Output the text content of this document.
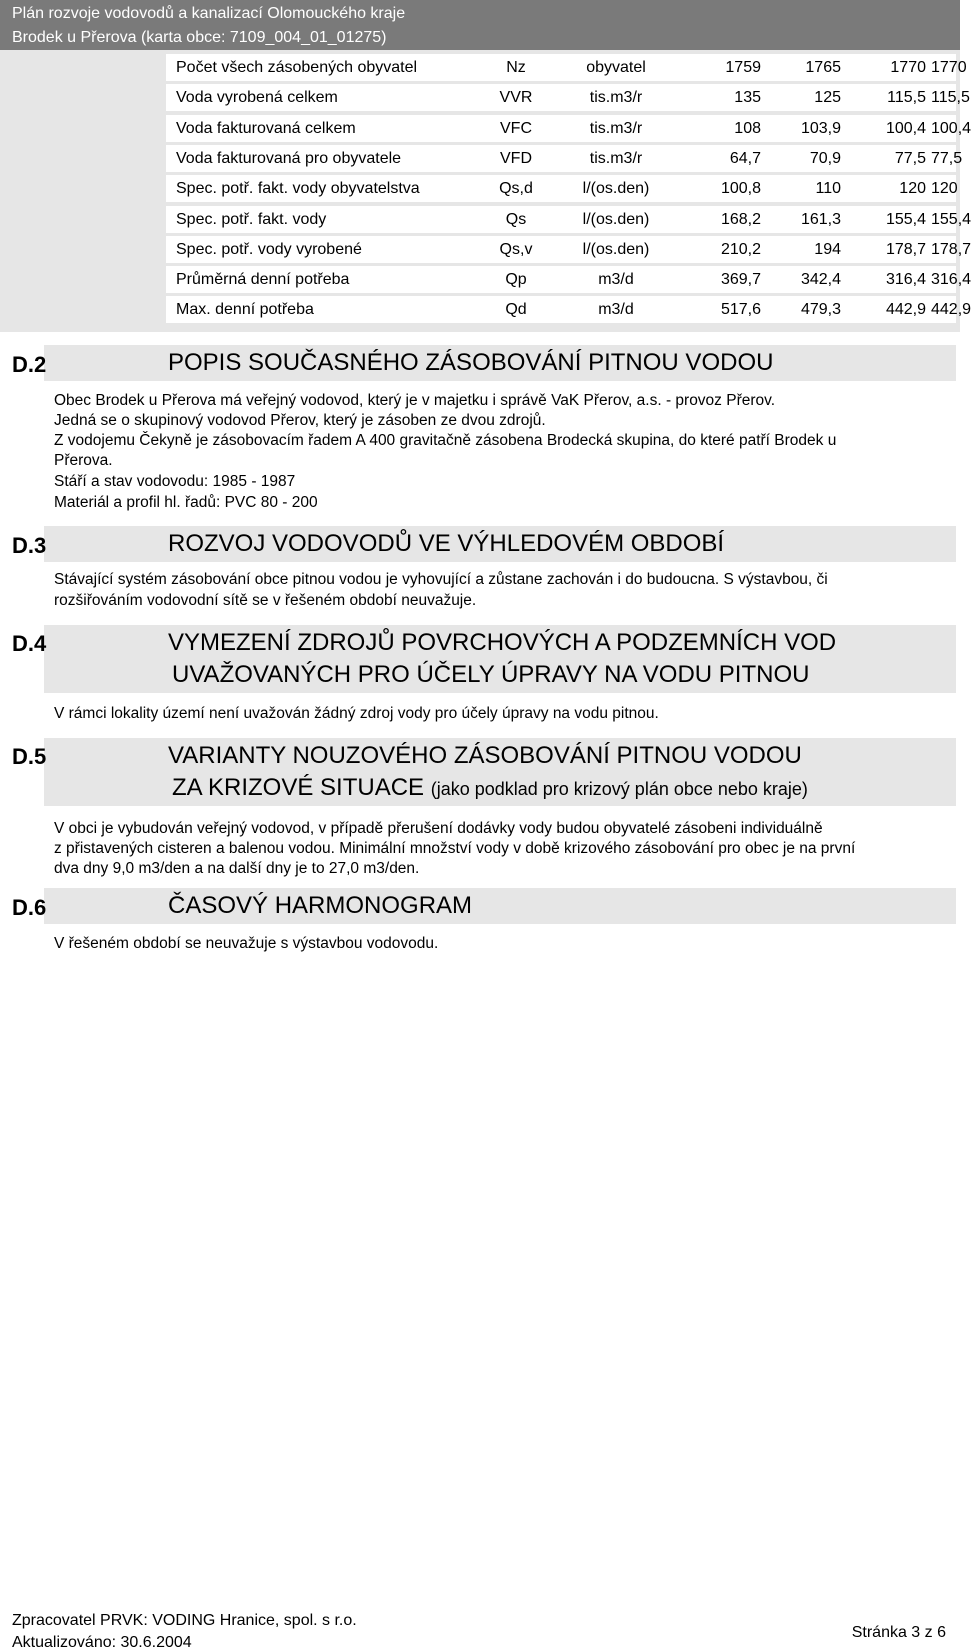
Plán rozvoje vodovodů a kanalizací Olomouckého kraje
Brodek u Přerova (karta obce: 7109_004_01_01275)
Počet všech zásobených obyvatel	Nz	obyvatel	1759	1765	1770 1770
Voda vyrobená celkem	VVR	tis.m3/r	135	125	115,5 115,5
Voda fakturovaná celkem	VFC	tis.m3/r	108	103,9	100,4 100,4
Voda fakturovaná pro obyvatele	VFD	tis.m3/r	64,7	70,9	77,5 77,5
Spec. potř. fakt. vody obyvatelstva	Qs,d	l/(os.den)	100,8	110	120 120
Spec. potř. fakt. vody	Qs	l/(os.den)	168,2	161,3	155,4 155,4
Spec. potř. vody vyrobené	Qs,v	l/(os.den)	210,2	194	178,7 178,7
Průměrná denní potřeba	Qp	m3/d	369,7	342,4	316,4 316,4
Max. denní potřeba	Qd	m3/d	517,6	479,3	442,9 442,9
D.2	POPIS SOUČASNÉHO ZÁSOBOVÁNÍ PITNOU VODOU
Obec Brodek u Přerova má veřejný vodovod, který je v majetku i správě VaK Přerov, a.s. - provoz Přerov.
Jedná se o skupinový vodovod Přerov, který je zásoben ze dvou zdrojů.
Z vodojemu Čekyně je zásobovacím řadem A 400 gravitačně zásobena Brodecká skupina, do které patří Brodek u
Přerova.
Stáří a stav vodovodu: 1985 - 1987
Materiál a profil hl. řadů: PVC 80 - 200
D.3	ROZVOJ VODOVODŮ VE VÝHLEDOVÉM OBDOBÍ
Stávající systém zásobování obce pitnou vodou je vyhovující a zůstane zachován i do budoucna. S výstavbou, či
rozšiřováním vodovodní sítě se v řešeném období neuvažuje.
D.4	VYMEZENÍ ZDROJŮ POVRCHOVÝCH A PODZEMNÍCH VOD
UVAŽOVANÝCH PRO ÚČELY ÚPRAVY NA VODU PITNOU
V rámci lokality území není uvažován žádný zdroj vody pro účely úpravy na vodu pitnou.
D.5	VARIANTY NOUZOVÉHO ZÁSOBOVÁNÍ PITNOU VODOU
ZA KRIZOVÉ SITUACE (jako podklad pro krizový plán obce nebo kraje)
V obci je vybudován veřejný vodovod, v případě přerušení dodávky vody budou obyvatelé zásobeni individuálně
z přistavených cisteren a balenou vodou. Minimální množství vody v době krizového zásobování pro obec je na první
dva dny 9,0 m3/den a na další dny je to 27,0 m3/den.
D.6	ČASOVÝ HARMONOGRAM
V řešeném období se neuvažuje s výstavbou vodovodu.
Zpracovatel PRVK: VODING Hranice, spol. s r.o.
Aktualizováno: 30.6.2004
Stránka 3 z 6
